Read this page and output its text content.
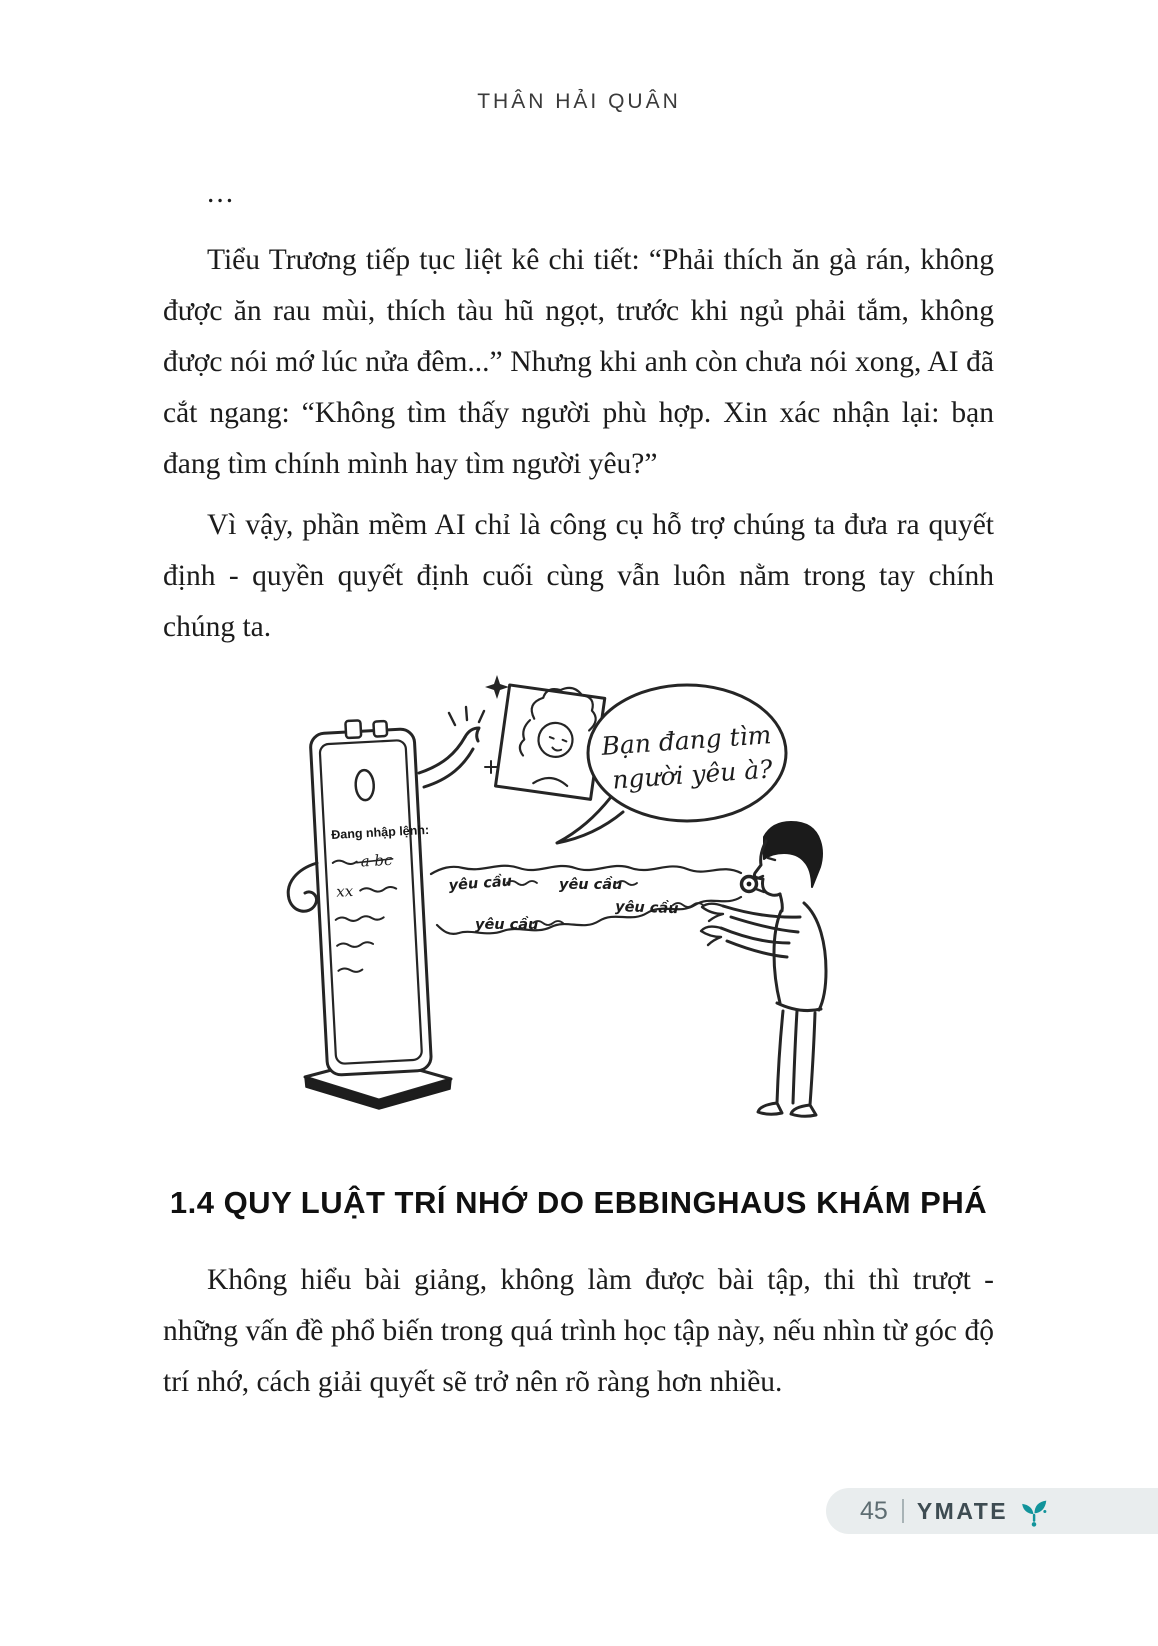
THÂN HẢI QUÂN

...

Tiểu Trương tiếp tục liệt kê chi tiết: “Phải thích ăn gà rán, không được ăn rau mùi, thích tàu hũ ngọt, trước khi ngủ phải tắm, không được nói mớ lúc nửa đêm...” Nhưng khi anh còn chưa nói xong, AI đã cắt ngang: “Không tìm thấy người phù hợp. Xin xác nhận lại: bạn đang tìm chính mình hay tìm người yêu?”

Vì vậy, phần mềm AI chỉ là công cụ hỗ trợ chúng ta đưa ra quyết định - quyền quyết định cuối cùng vẫn luôn nằm trong tay chính chúng ta.

Đang nhập lệnh:
a bc
xx
Bạn đang tìm
người yêu à?
yêu cầu	yêu cầu
yêu cầu
yêu cầu
1.4 QUY LUẬT TRÍ NHỚ DO EBBINGHAUS KHÁM PHÁ

Không hiểu bài giảng, không làm được bài tập, thi thì trượt - những vấn đề phổ biến trong quá trình học tập này, nếu nhìn từ góc độ trí nhớ, cách giải quyết sẽ trở nên rõ ràng hơn nhiều.

45 YMATE
